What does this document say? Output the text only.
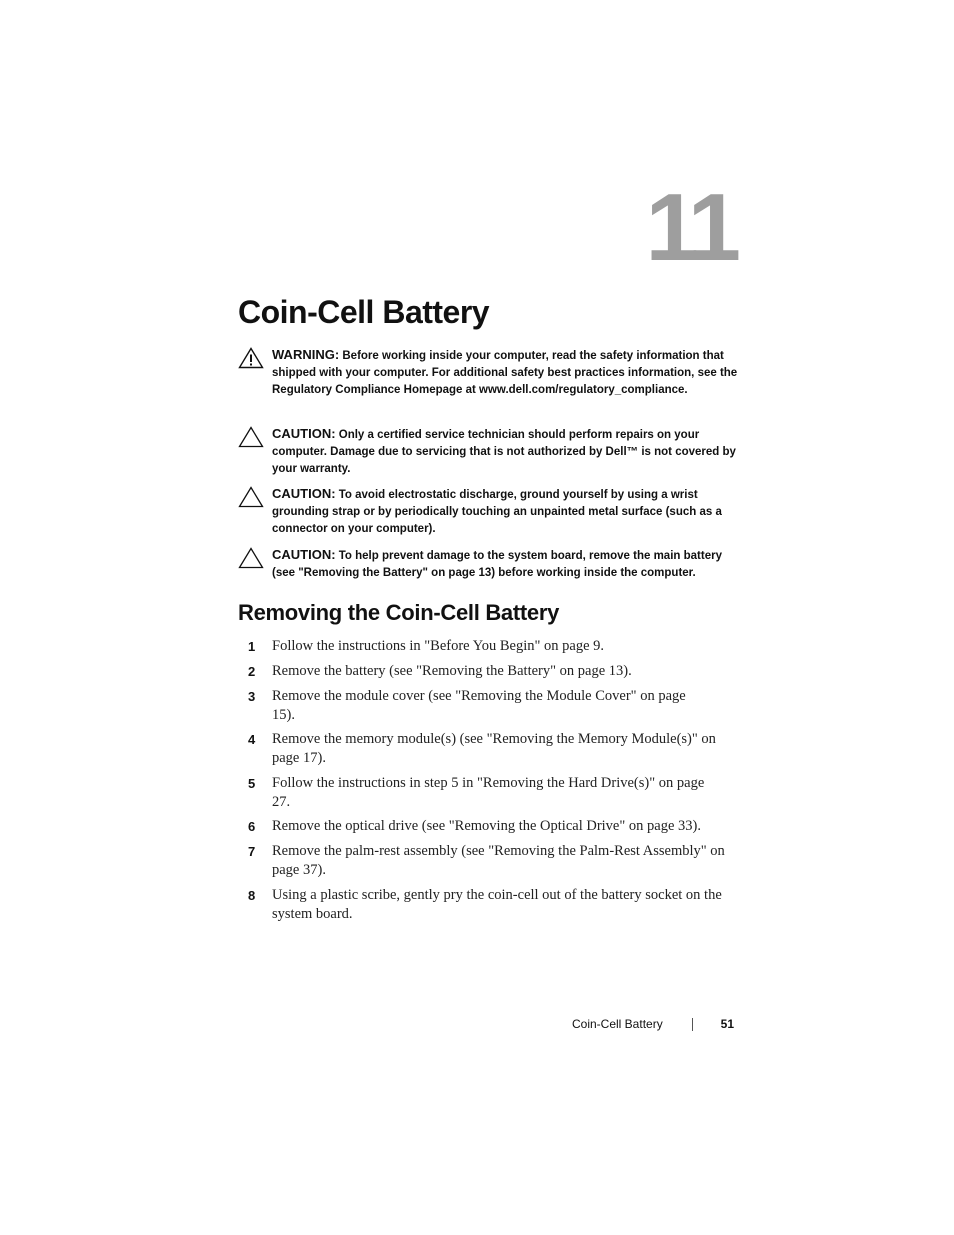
11
Coin-Cell Battery
WARNING: Before working inside your computer, read the safety information that shipped with your computer. For additional safety best practices information, see the Regulatory Compliance Homepage at www.dell.com/regulatory_compliance.
CAUTION: Only a certified service technician should perform repairs on your computer. Damage due to servicing that is not authorized by Dell™ is not covered by your warranty.
CAUTION: To avoid electrostatic discharge, ground yourself by using a wrist grounding strap or by periodically touching an unpainted metal surface (such as a connector on your computer).
CAUTION: To help prevent damage to the system board, remove the main battery (see "Removing the Battery" on page 13) before working inside the computer.
Removing the Coin-Cell Battery
1 Follow the instructions in "Before You Begin" on page 9.
2 Remove the battery (see "Removing the Battery" on page 13).
3 Remove the module cover (see "Removing the Module Cover" on page 15).
4 Remove the memory module(s) (see "Removing the Memory Module(s)" on page 17).
5 Follow the instructions in step 5 in "Removing the Hard Drive(s)" on page 27.
6 Remove the optical drive (see "Removing the Optical Drive" on page 33).
7 Remove the palm-rest assembly (see "Removing the Palm-Rest Assembly" on page 37).
8 Using a plastic scribe, gently pry the coin-cell out of the battery socket on the system board.
Coin-Cell Battery	51
